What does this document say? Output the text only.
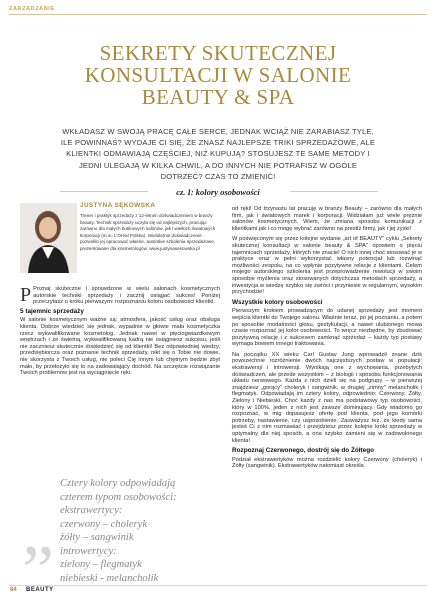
ZARZĄDZANIE
SEKRETY SKUTECZNEJ
KONSULTACJI W SALONIE
BEAUTY & SPA
WKŁADASZ W SWOJĄ PRACĘ CAŁE SERCE, JEDNAK WCIĄŻ NIE ZARABIASZ TYLE, ILE POWINNAŚ? WYDAJE CI SIĘ, ŻE ZNASZ NAJLEPSZE TRIKI SPRZEDAŻOWE, ALE KLIENTKI ODMAWIAJĄ CZĘŚCIEJ, NIŻ KUPUJĄ? STOSUJESZ TE SAME METODY I JEDNI ULEGAJĄ W KILKA CHWIL, A DO INNYCH NIE POTRAFISZ W OGÓLE DOTRZEĆ? CZAS TO ZMIENIĆ!
cz. I: kolory osobowości
JUSTYNA SĘKOWSKA
Trener i praktyk sprzedaży z 12-letnim doświadczeniem w branży beauty. Technik sprzedaży uczyła się od najlepszych, pracując zarówno dla małych butikowych salonów, jak i wielkich światowych korporacji (m.in. L'Oréal Polska). Wieloletnie doświadczenie pozwoliło jej opracować własne, autorskie szkolenia sprzedażowe, prezentowane dla kosmetologów. www.justynasekowska.pl

P Poznaj skuteczne i sprawdzone w wielu salonach kosmetycznych autorskie techniki sprzedaży i zacznij osiągać sukces! Poniżej przeczytasz o kroku pierwszym: rozpoznaniu koloru osobowości klientki.

5 tajemnic sprzedaży

W salonie kosmetycznym ważne są: atmosfera, jakość usług oraz obsługa klienta. Dobrze wiedzieć się jednak, wypadnie w głowie mała kosmetyczka rzecz wykwalifikowane kosmetolog. Jednak nawet w pięciogwiazdkowym wnętrzach i ze świetną, wykwalifikowaną kadrą nie osiągniesz sukcesu, jeśli nie zaczniesz skutecznie dowiedzieć się od klientki! Bez odpowiedniej wiedzy, przedsiębiorcza oraz poznanie technik sprzedaży, nikt się o Tobie nie dowie, nie skorzysta z Twoich usług, nie poleci Cię innym lub chętnym będzie zbyt mało, by przełożyło się to na zadowalający dochód. Na szczęście rozwiązanie Twoich problemów jest na wyciągnięcie ręki.

„
Cztery kolory odpowiadają
czterem typom osobowości:
ekstrawertycy:
czerwony – choleryk
żółty – sangwinik
introwertycy:
zielony – flegmatyk
niebieski - melancholik

od ręki! Od trzynastu lat pracuję w branży Beauty – zarówno dla małych firm, jak i światowych marek i korporacji. Widziałam już wiele prężnie salonów kosmetycznych. Wiem, że zmiana sposobu komunikacji z klientkami jak i co mogę wybrać zarówno na prestiż firmy, jak i jej zyski!

W poświęconym się przez kolejne wydanie „art of BEAUTY" cyklu „Sekrety skutecznej konsultacji w salonie beauty & SPA" opowiem o pięciu tajemnicach sprzedaży, których nie znacie! O nich innej choć stosować je w praktyce oraz w pełni wykorzystać własny potencjał lub rozwinąć możliwości zespołu, na co wpłynie pozytywne relacje z klientami. Celem mojego autorskiego szkolenia jest przeprowadzenie rewolucji w swoim sposobie myślenia oraz stosowanych dotychczas metodach sprzedaży, a inwestycja w wiedzę szybko się zwróci i przyniesie w regularnym, wysokim przychodzie!

Wszystkie kolory osobowości

Pierwszym krokiem prowadzącym do udanej sprzedaży jest moment wejścia klientki do Twojego salonu. Właśnie teraz, po jej poznaniu, a potem po sposobie modalności głosu, gestykulacji, a nawet ulubionego mowa czasie rozpoznać jej kolor osobowości. To wręcz niezbędne, by zbudować pozytywną relację i z sukcesem zamknąć sprzedaż – każdy typ postawy wymaga bowiem innego traktowania.

Na początku XX wieku Carl Gustav Jung wprowadził znane dziś powszechnie rozróżnienie dwóch najczęstszych postaw w populacji: ekstrawersji i introwersji. Wynikają one z wychowania, przebytych doświadczeń, ale przede wszystkim – z biologii i sposobu funkcjonowania układu nerwowego. Każda z nich dzieli się na podgrupy – w pierwszej znajdziesz „gorący" choleryk i sangwinik, w drugiej „zimny" melancholik i flegmatyk. Odpowiadają im cztery kolory, odpowiednio: Czerwony, Żółty, Zielony i Niebieski. Choć każdy z nas ma podstawowy typ osobowości, który w 100%, jeden z nich jest zawsze dominujący. Gdy wiadomo go rozpoznać, w mig dopasujesz ofertę pod klienta, pod jego komórki potrzeby, nastawienie, czy usposobienie. Zauważysz też, że kiedy sama jesteś Ci z nim rozmawiać i przejdziesz przez kolejne kroki sprzedaży w optymalny dla niej sposób, a ona szybko zamieni się w zadowolonego klienta!

Rozpoznaj Czerwonego, dostrój się do Żółtego

Podział ekstrawertyków można rozdzielić kolory Czerwony (choleryk) i Żółty (sangwinik). Ekstrawertyków natomiast określa

84 BEAUTY
